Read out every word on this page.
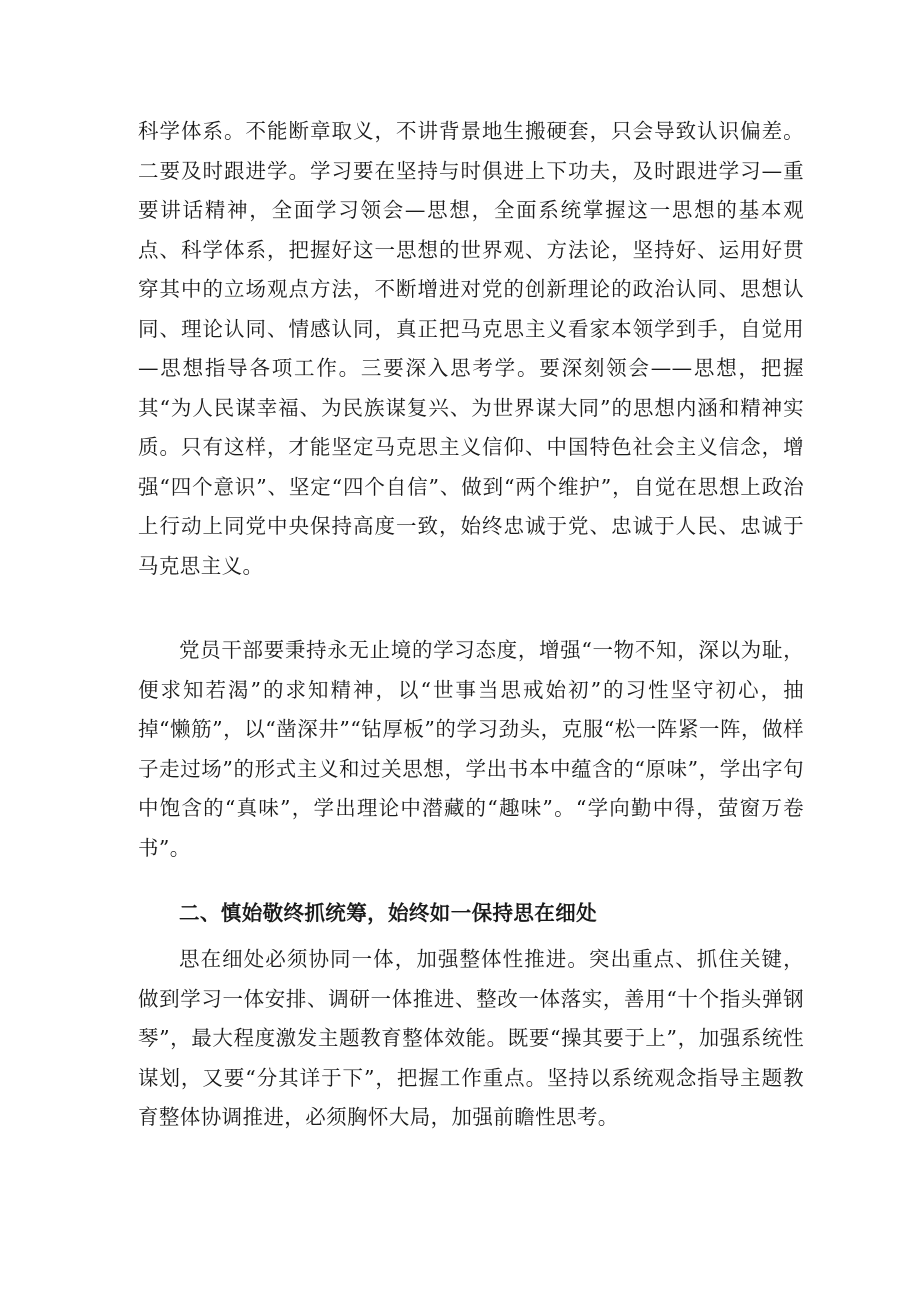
科学体系。不能断章取义，不讲背景地生搬硬套，只会导致认识偏差。二要及时跟进学。学习要在坚持与时俱进上下功夫，及时跟进学习—重要讲话精神，全面学习领会—思想，全面系统掌握这一思想的基本观点、科学体系，把握好这一思想的世界观、方法论，坚持好、运用好贯穿其中的立场观点方法，不断增进对党的创新理论的政治认同、思想认同、理论认同、情感认同，真正把马克思主义看家本领学到手，自觉用—思想指导各项工作。三要深入思考学。要深刻领会——思想，把握其“为人民谋幸福、为民族谋复兴、为世界谋大同”的思想内涵和精神实质。只有这样，才能坚定马克思主义信仰、中国特色社会主义信念，增强“四个意识”、坚定“四个自信”、做到“两个维护”，自觉在思想上政治上行动上同党中央保持高度一致，始终忠诚于党、忠诚于人民、忠诚于马克思主义。

党员干部要秉持永无止境的学习态度，增强“一物不知，深以为耻，便求知若渴”的求知精神，以“世事当思戒始初”的习性坚守初心，抽掉“懒筋”，以“凿深井”“钻厚板”的学习劲头，克服“松一阵紧一阵，做样子走过场”的形式主义和过关思想，学出书本中蕴含的“原味”，学出字句中饱含的“真味”，学出理论中潜藏的“趣味”。“学向勤中得，萤窗万卷书”。

二、慎始敬终抓统筹，始终如一保持思在细处

思在细处必须协同一体，加强整体性推进。突出重点、抓住关键，做到学习一体安排、调研一体推进、整改一体落实，善用“十个指头弹钢琴”，最大程度激发主题教育整体效能。既要“操其要于上”，加强系统性谋划，又要“分其详于下”，把握工作重点。坚持以系统观念指导主题教育整体协调推进，必须胸怀大局，加强前瞻性思考。
